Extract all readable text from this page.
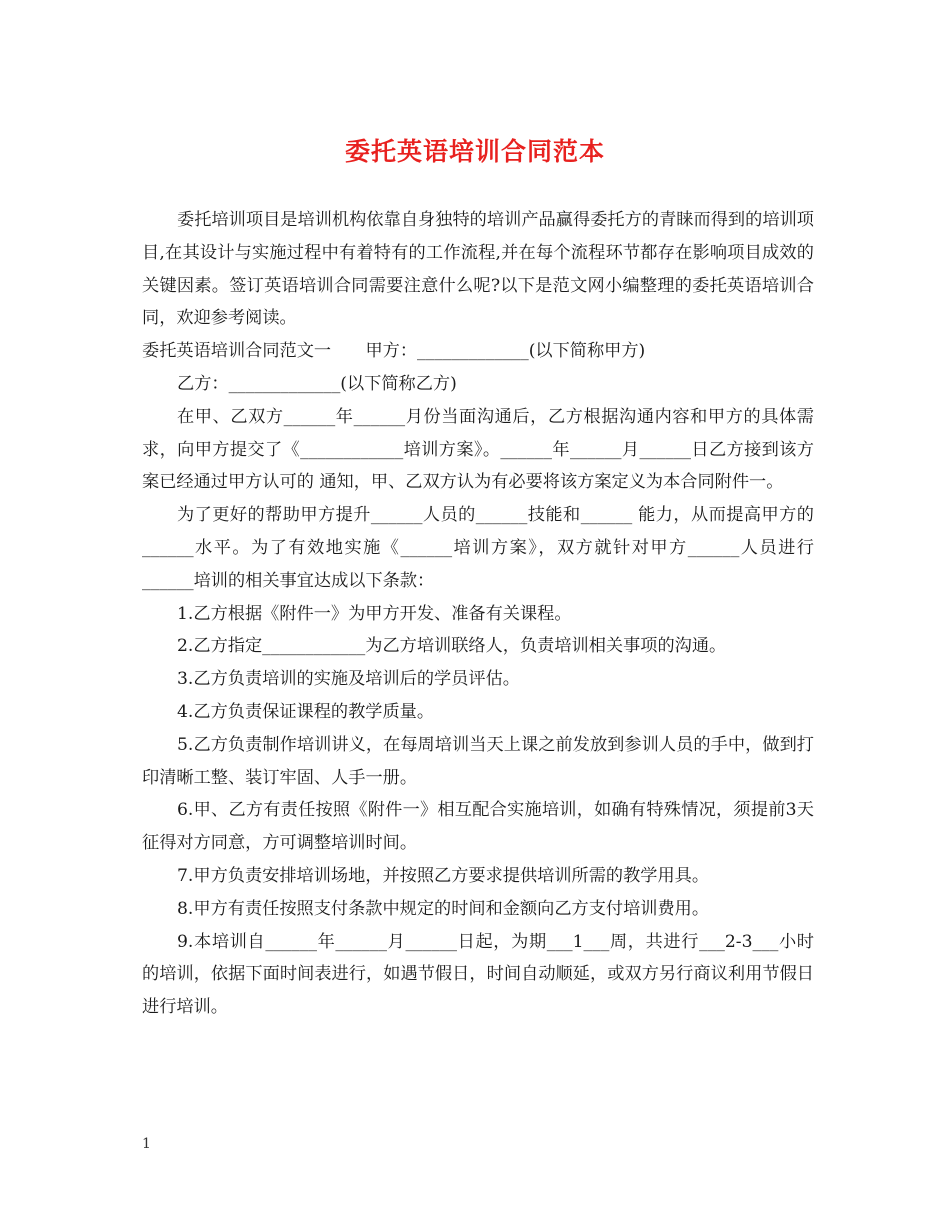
委托英语培训合同范本

委托培训项目是培训机构依靠自身独特的培训产品赢得委托方的青睐而得到的培训项目,在其设计与实施过程中有着特有的工作流程,并在每个流程环节都存在影响项目成效的关键因素。签订英语培训合同需要注意什么呢?以下是范文网小编整理的委托英语培训合同，欢迎参考阅读。

委托英语培训合同范文一　　甲方：_____________(以下简称甲方)

乙方：_____________(以下简称乙方)

在甲、乙双方______年______月份当面沟通后，乙方根据沟通内容和甲方的具体需求，向甲方提交了《____________培训方案》。______年______月______日乙方接到该方案已经通过甲方认可的 通知，甲、乙双方认为有必要将该方案定义为本合同附件一。

为了更好的帮助甲方提升______人员的______技能和______ 能力，从而提高甲方的______水平。为了有效地实施《______培训方案》，双方就针对甲方______人员进行______培训的相关事宜达成以下条款：

1.乙方根据《附件一》为甲方开发、准备有关课程。

2.乙方指定____________为乙方培训联络人，负责培训相关事项的沟通。

3.乙方负责培训的实施及培训后的学员评估。

4.乙方负责保证课程的教学质量。

5.乙方负责制作培训讲义，在每周培训当天上课之前发放到参训人员的手中，做到打印清晰工整、装订牢固、人手一册。

6.甲、乙方有责任按照《附件一》相互配合实施培训，如确有特殊情况，须提前3天征得对方同意，方可调整培训时间。

7.甲方负责安排培训场地，并按照乙方要求提供培训所需的教学用具。

8.甲方有责任按照支付条款中规定的时间和金额向乙方支付培训费用。

9.本培训自______年______月______日起，为期___1___周，共进行___2-3___小时的培训，依据下面时间表进行，如遇节假日，时间自动顺延，或双方另行商议利用节假日进行培训。

1
